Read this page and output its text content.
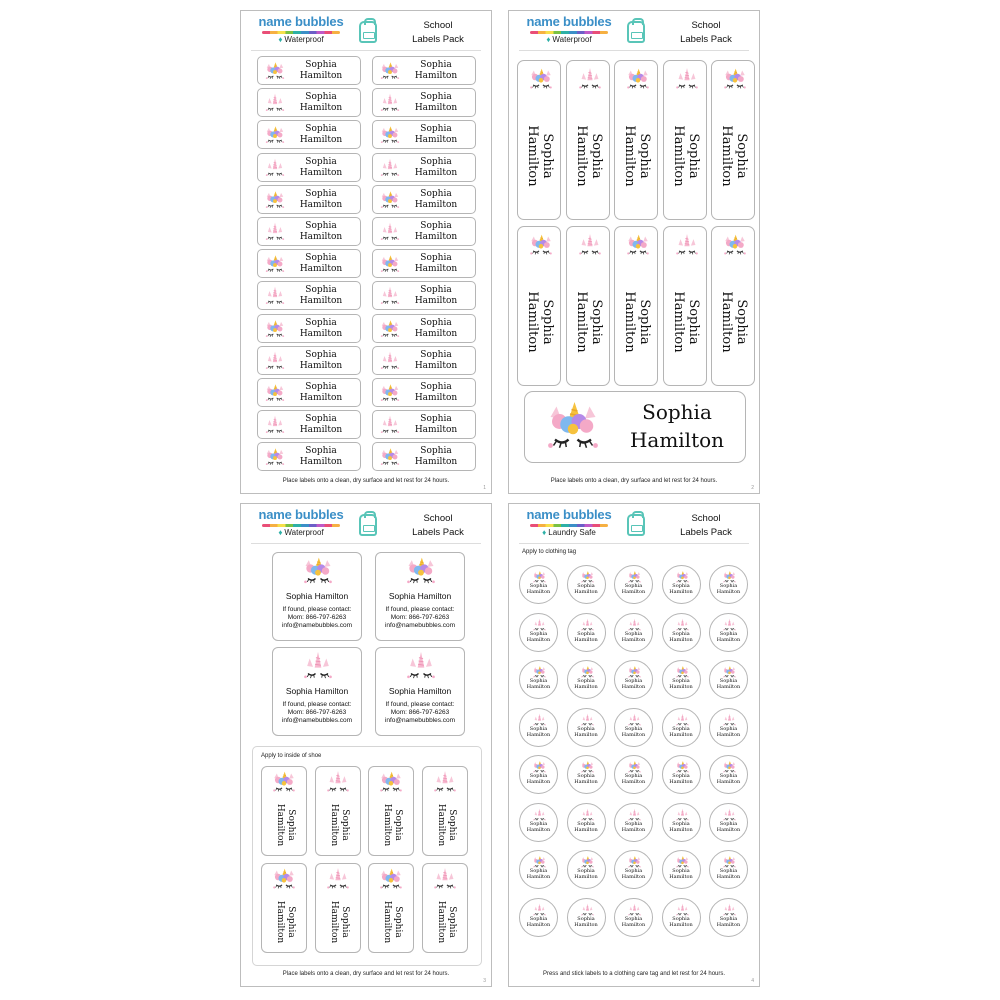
name bubbles
♦ Waterproof
School
Labels Pack
Place labels onto a clean, dry surface and let rest for 24 hours.
1
Sophia
Hamilton
Sophia
Hamilton
Sophia
Hamilton
Sophia
Hamilton
Sophia
Hamilton
Sophia
Hamilton
Sophia
Hamilton
Sophia
Hamilton
Sophia
Hamilton
Sophia
Hamilton
Sophia
Hamilton
Sophia
Hamilton
Sophia
Hamilton
Sophia
Hamilton
Sophia
Hamilton
Sophia
Hamilton
Sophia
Hamilton
Sophia
Hamilton
Sophia
Hamilton
Sophia
Hamilton
Sophia
Hamilton
Sophia
Hamilton
Sophia
Hamilton
Sophia
Hamilton
Sophia
Hamilton
Sophia
Hamilton
name bubbles
♦ Waterproof
School
Labels Pack
Sophia
Hamilton
Place labels onto a clean, dry surface and let rest for 24 hours.
2
Sophia
Hamilton	Sophia
Hamilton	Sophia
Hamilton	Sophia
Hamilton	Sophia
Hamilton
Sophia
Hamilton	Sophia
Hamilton	Sophia
Hamilton	Sophia
Hamilton	Sophia
Hamilton
name bubbles
♦ Waterproof
School
Labels Pack
Apply to inside of shoe
Place labels onto a clean, dry surface and let rest for 24 hours.
3
Sophia Hamilton
If found, please contact:
Mom: 866-797-6263
info@namebubbles.com
Sophia Hamilton
If found, please contact:
Mom: 866-797-6263
info@namebubbles.com
Sophia Hamilton
If found, please contact:
Mom: 866-797-6263
info@namebubbles.com
Sophia Hamilton
If found, please contact:
Mom: 866-797-6263
info@namebubbles.com
Sophia
Hamilton	Sophia
Hamilton	Sophia
Hamilton	Sophia
Hamilton
Sophia
Hamilton	Sophia
Hamilton	Sophia
Hamilton	Sophia
Hamilton
name bubbles
♦ Laundry Safe
School
Labels Pack
Apply to clothing tag
Press and stick labels to a clothing care tag and let rest for 24 hours.
4
Sophia
Hamilton
Sophia
Hamilton
Sophia
Hamilton
Sophia
Hamilton
Sophia
Hamilton
Sophia
Hamilton
Sophia
Hamilton
Sophia
Hamilton
Sophia
Hamilton
Sophia
Hamilton
Sophia
Hamilton
Sophia
Hamilton
Sophia
Hamilton
Sophia
Hamilton
Sophia
Hamilton
Sophia
Hamilton
Sophia
Hamilton
Sophia
Hamilton
Sophia
Hamilton
Sophia
Hamilton
Sophia
Hamilton
Sophia
Hamilton
Sophia
Hamilton
Sophia
Hamilton
Sophia
Hamilton
Sophia
Hamilton
Sophia
Hamilton
Sophia
Hamilton
Sophia
Hamilton
Sophia
Hamilton
Sophia
Hamilton
Sophia
Hamilton
Sophia
Hamilton
Sophia
Hamilton
Sophia
Hamilton
Sophia
Hamilton
Sophia
Hamilton
Sophia
Hamilton
Sophia
Hamilton
Sophia
Hamilton
